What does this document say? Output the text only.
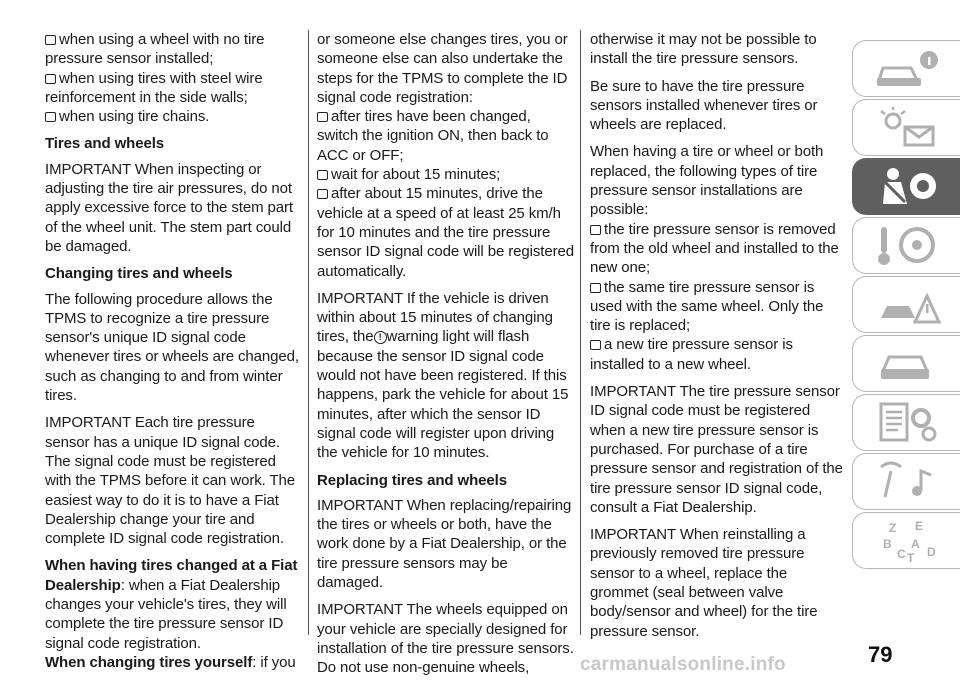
when using a wheel with no tire pressure sensor installed;
when using tires with steel wire reinforcement in the side walls;
when using tire chains.
Tires and wheels

IMPORTANT When inspecting or adjusting the tire air pressures, do not apply excessive force to the stem part of the wheel unit. The stem part could be damaged.

Changing tires and wheels

The following procedure allows the TPMS to recognize a tire pressure sensor's unique ID signal code whenever tires or wheels are changed, such as changing to and from winter tires.

IMPORTANT Each tire pressure sensor has a unique ID signal code. The signal code must be registered with the TPMS before it can work. The easiest way to do it is to have a Fiat Dealership change your tire and complete ID signal code registration.

When having tires changed at a Fiat Dealership: when a Fiat Dealership changes your vehicle's tires, they will complete the tire pressure sensor ID signal code registration.

When changing tires yourself: if you

or someone else changes tires, you or someone else can also undertake the steps for the TPMS to complete the ID signal code registration:

after tires have been changed, switch the ignition ON, then back to ACC or OFF;
wait for about 15 minutes;
after about 15 minutes, drive the vehicle at a speed of at least 25 km/h for 10 minutes and the tire pressure sensor ID signal code will be registered automatically.

IMPORTANT If the vehicle is driven within about 15 minutes of changing tires, the ! warning light will flash because the sensor ID signal code would not have been registered. If this happens, park the vehicle for about 15 minutes, after which the sensor ID signal code will register upon driving the vehicle for 10 minutes.

Replacing tires and wheels

IMPORTANT When replacing/repairing the tires or wheels or both, have the work done by a Fiat Dealership, or the tire pressure sensors may be damaged.

IMPORTANT The wheels equipped on your vehicle are specially designed for installation of the tire pressure sensors. Do not use non-genuine wheels,

otherwise it may not be possible to install the tire pressure sensors.

Be sure to have the tire pressure sensors installed whenever tires or wheels are replaced.

When having a tire or wheel or both replaced, the following types of tire pressure sensor installations are possible:

the tire pressure sensor is removed from the old wheel and installed to the new one;
the same tire pressure sensor is used with the same wheel. Only the tire is replaced;
a new tire pressure sensor is installed to a new wheel.

IMPORTANT The tire pressure sensor ID signal code must be registered when a new tire pressure sensor is purchased. For purchase of a tire pressure sensor and registration of the tire pressure sensor ID signal code, consult a Fiat Dealership.

IMPORTANT When reinstalling a previously removed tire pressure sensor to a wheel, replace the grommet (seal between valve body/sensor and wheel) for the tire pressure sensor.

Z E
B A
C D
T
79
carmanualsonline.info
